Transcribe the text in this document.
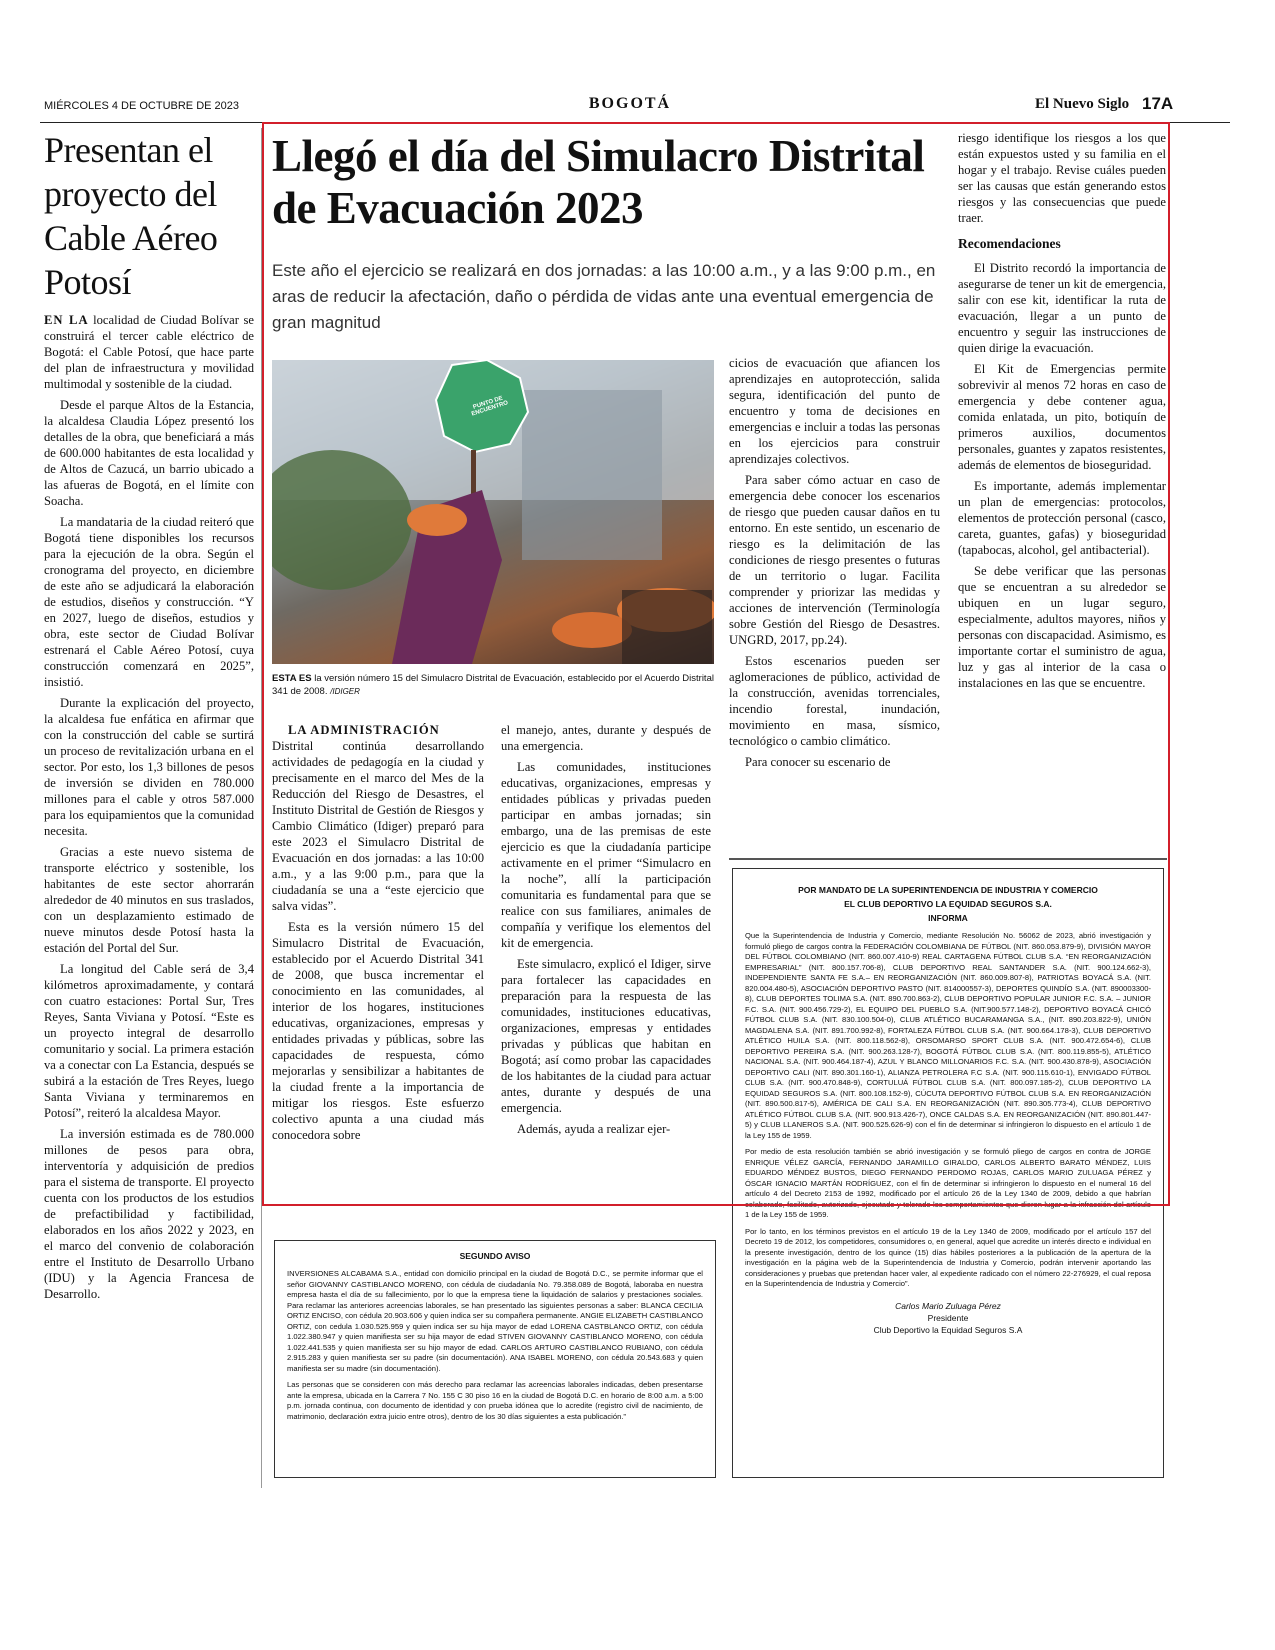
MIÉRCOLES 4 DE OCTUBRE DE 2023	BOGOTÁ	El Nuevo Siglo 17A
Presentan el proyecto del Cable Aéreo Potosí

EN LA localidad de Ciudad Bolívar se construirá el tercer cable eléctrico de Bogotá: el Cable Potosí, que hace parte del plan de infraestructura y movilidad multimodal y sostenible de la ciudad.

Desde el parque Altos de la Estancia, la alcaldesa Claudia López presentó los detalles de la obra, que beneficiará a más de 600.000 habitantes de esta localidad y de Altos de Cazucá, un barrio ubicado a las afueras de Bogotá, en el límite con Soacha.

La mandataria de la ciudad reiteró que Bogotá tiene disponibles los recursos para la ejecución de la obra. Según el cronograma del proyecto, en diciembre de este año se adjudicará la elaboración de estudios, diseños y construcción. “Y en 2027, luego de diseños, estudios y obra, este sector de Ciudad Bolívar estrenará el Cable Aéreo Potosí, cuya construcción comenzará en 2025”, insistió.

Durante la explicación del proyecto, la alcaldesa fue enfática en afirmar que con la construcción del cable se surtirá un proceso de revitalización urbana en el sector. Por esto, los 1,3 billones de pesos de inversión se dividen en 780.000 millones para el cable y otros 587.000 para los equipamientos que la comunidad necesita.

Gracias a este nuevo sistema de transporte eléctrico y sostenible, los habitantes de este sector ahorrarán alrededor de 40 minutos en sus traslados, con un desplazamiento estimado de nueve minutos desde Potosí hasta la estación del Portal del Sur.

La longitud del Cable será de 3,4 kilómetros aproximadamente, y contará con cuatro estaciones: Portal Sur, Tres Reyes, Santa Viviana y Potosí. “Este es un proyecto integral de desarrollo comunitario y social. La primera estación va a conectar con La Estancia, después se subirá a la estación de Tres Reyes, luego Santa Viviana y terminaremos en Potosí”, reiteró la alcaldesa Mayor.

La inversión estimada es de 780.000 millones de pesos para obra, interventoría y adquisición de predios para el sistema de transporte. El proyecto cuenta con los productos de los estudios de prefactibilidad y factibilidad, elaborados en los años 2022 y 2023, en el marco del convenio de colaboración entre el Instituto de Desarrollo Urbano (IDU) y la Agencia Francesa de Desarrollo.

Llegó el día del Simulacro Distrital de Evacuación 2023
Este año el ejercicio se realizará en dos jornadas: a las 10:00 a.m., y a las 9:00 p.m., en aras de reducir la afectación, daño o pérdida de vidas ante una eventual emergencia de gran magnitud
PUNTO DE ENCUENTRO
ESTA ES la versión número 15 del Simulacro Distrital de Evacuación, establecido por el Acuerdo Distrital 341 de 2008. /IDIGER

LA ADMINISTRACIÓN
Distrital continúa desarrollando actividades de pedagogía en la ciudad y precisamente en el marco del Mes de la Reducción del Riesgo de Desastres, el Instituto Distrital de Gestión de Riesgos y Cambio Climático (Idiger) preparó para este 2023 el Simulacro Distrital de Evacuación en dos jornadas: a las 10:00 a.m., y a las 9:00 p.m., para que la ciudadanía se una a “este ejercicio que salva vidas”.

Esta es la versión número 15 del Simulacro Distrital de Evacuación, establecido por el Acuerdo Distrital 341 de 2008, que busca incrementar el conocimiento en las comunidades, al interior de los hogares, instituciones educativas, organizaciones, empresas y entidades privadas y públicas, sobre las capacidades de respuesta, cómo mejorarlas y sensibilizar a habitantes de la ciudad frente a la importancia de mitigar los riesgos. Este esfuerzo colectivo apunta a una ciudad más conocedora sobre

el manejo, antes, durante y después de una emergencia.

Las comunidades, instituciones educativas, organizaciones, empresas y entidades públicas y privadas pueden participar en ambas jornadas; sin embargo, una de las premisas de este ejercicio es que la ciudadanía participe activamente en el primer “Simulacro en la noche”, allí la participación comunitaria es fundamental para que se realice con sus familiares, animales de compañía y verifique los elementos del kit de emergencia.

Este simulacro, explicó el Idiger, sirve para fortalecer las capacidades en preparación para la respuesta de las comunidades, instituciones educativas, organizaciones, empresas y entidades privadas y públicas que habitan en Bogotá; así como probar las capacidades de los habitantes de la ciudad para actuar antes, durante y después de una emergencia.

Además, ayuda a realizar ejer-

cicios de evacuación que afiancen los aprendizajes en autoprotección, salida segura, identificación del punto de encuentro y toma de decisiones en emergencias e incluir a todas las personas en los ejercicios para construir aprendizajes colectivos.

Para saber cómo actuar en caso de emergencia debe conocer los escenarios de riesgo que pueden causar daños en tu entorno. En este sentido, un escenario de riesgo es la delimitación de las condiciones de riesgo presentes o futuras de un territorio o lugar. Facilita comprender y priorizar las medidas y acciones de intervención (Terminología sobre Gestión del Riesgo de Desastres. UNGRD, 2017, pp.24).

Estos escenarios pueden ser aglomeraciones de público, actividad de la construcción, avenidas torrenciales, incendio forestal, inundación, movimiento en masa, sísmico, tecnológico o cambio climático.

Para conocer su escenario de

riesgo identifique los riesgos a los que están expuestos usted y su familia en el hogar y el trabajo. Revise cuáles pueden ser las causas que están generando estos riesgos y las consecuencias que puede traer.

Recomendaciones

El Distrito recordó la importancia de asegurarse de tener un kit de emergencia, salir con ese kit, identificar la ruta de evacuación, llegar a un punto de encuentro y seguir las instrucciones de quien dirige la evacuación.

El Kit de Emergencias permite sobrevivir al menos 72 horas en caso de emergencia y debe contener agua, comida enlatada, un pito, botiquín de primeros auxilios, documentos personales, guantes y zapatos resistentes, además de elementos de bioseguridad.

Es importante, además implementar un plan de emergencias: protocolos, elementos de protección personal (casco, careta, guantes, gafas) y bioseguridad (tapabocas, alcohol, gel antibacterial).

Se debe verificar que las personas que se encuentran a su alrededor se ubiquen en un lugar seguro, especialmente, adultos mayores, niños y personas con discapacidad. Asimismo, es importante cortar el suministro de agua, luz y gas al interior de la casa o instalaciones en las que se encuentre.

SEGUNDO AVISO

INVERSIONES ALCABAMA S.A., entidad con domicilio principal en la ciudad de Bogotá D.C., se permite informar que el señor GIOVANNY CASTIBLANCO MORENO, con cédula de ciudadanía No. 79.358.089 de Bogotá, laboraba en nuestra empresa hasta el día de su fallecimiento, por lo que la empresa tiene la liquidación de salarios y prestaciones sociales. Para reclamar las anteriores acreencias laborales, se han presentado las siguientes personas a saber: BLANCA CECILIA ORTIZ ENCISO, con cédula 20.903.606 y quien indica ser su compañera permanente. ANGIE ELIZABETH CASTIBLANCO ORTIZ, con cedula 1.030.525.959 y quien indica ser su hija mayor de edad LORENA CASTBLANCO ORTIZ, con cédula 1.022.380.947 y quien manifiesta ser su hija mayor de edad STIVEN GIOVANNY CASTIBLANCO MORENO, con cédula 1.022.441.535 y quien manifiesta ser su hijo mayor de edad. CARLOS ARTURO CASTIBLANCO RUBIANO, con cédula 2.915.283 y quien manifiesta ser su padre (sin documentación). ANA ISABEL MORENO, con cédula 20.543.683 y quien manifiesta ser su madre (sin documentación).

Las personas que se consideren con más derecho para reclamar las acreencias laborales indicadas, deben presentarse ante la empresa, ubicada en la Carrera 7 No. 155 C 30 piso 16 en la ciudad de Bogotá D.C. en horario de 8:00 a.m. a 5:00 p.m. jornada continua, con documento de identidad y con prueba idónea que lo acredite (registro civil de nacimiento, de matrimonio, declaración extra juicio entre otros), dentro de los 30 días siguientes a esta publicación.”

POR MANDATO DE LA SUPERINTENDENCIA DE INDUSTRIA Y COMERCIO
EL CLUB DEPORTIVO LA EQUIDAD SEGUROS S.A.
INFORMA

Que la Superintendencia de Industria y Comercio, mediante Resolución No. 56062 de 2023, abrió investigación y formuló pliego de cargos contra la FEDERACIÓN COLOMBIANA DE FÚTBOL (NIT. 860.053.879-9), DIVISIÓN MAYOR DEL FÚTBOL COLOMBIANO (NIT. 860.007.410-9) REAL CARTAGENA FÚTBOL CLUB S.A. “EN REORGANIZACIÓN EMPRESARIAL” (NIT. 800.157.706-8), CLUB DEPORTIVO REAL SANTANDER S.A. (NIT. 900.124.662-3), INDEPENDIENTE SANTA FE S.A.– EN REORGANIZACIÓN (NIT. 860.009.807-8), PATRIOTAS BOYACÁ S.A. (NIT. 820.004.480-5), ASOCIACIÓN DEPORTIVO PASTO (NIT. 814000557-3), DEPORTES QUINDÍO S.A. (NIT. 890003300-8), CLUB DEPORTES TOLIMA S.A. (NIT. 890.700.863-2), CLUB DEPORTIVO POPULAR JUNIOR F.C. S.A. – JUNIOR F.C. S.A. (NIT. 900.456.729-2), EL EQUIPO DEL PUEBLO S.A. (NIT.900.577.148-2), DEPORTIVO BOYACÁ CHICÓ FÚTBOL CLUB S.A. (NIT. 830.100.504-0), CLUB ATLÉTICO BUCARAMANGA S.A., (NIT. 890.203.822-9), UNIÓN MAGDALENA S.A. (NIT. 891.700.992-8), FORTALEZA FÚTBOL CLUB S.A. (NIT. 900.664.178-3), CLUB DEPORTIVO ATLÉTICO HUILA S.A. (NIT. 800.118.562-8), ORSOMARSO SPORT CLUB S.A. (NIT. 900.472.654-6), CLUB DEPORTIVO PEREIRA S.A. (NIT. 900.263.128-7), BOGOTÁ FÚTBOL CLUB S.A. (NIT. 800.119.855-5), ATLÉTICO NACIONAL S.A. (NIT. 900.464.187-4), AZUL Y BLANCO MILLONARIOS F.C. S.A. (NIT. 900.430.878-9), ASOCIACIÓN DEPORTIVO CALI (NIT. 890.301.160-1), ALIANZA PETROLERA F.C S.A. (NIT. 900.115.610-1), ENVIGADO FÚTBOL CLUB S.A. (NIT. 900.470.848-9), CORTULUÁ FÚTBOL CLUB S.A. (NIT. 800.097.185-2), CLUB DEPORTIVO LA EQUIDAD SEGUROS S.A. (NIT. 800.108.152-9), CÚCUTA DEPORTIVO FÚTBOL CLUB S.A. EN REORGANIZACIÓN (NIT. 890.500.817-5), AMÉRICA DE CALI S.A. EN REORGANIZACIÓN (NIT. 890.305.773-4), CLUB DEPORTIVO ATLÉTICO FÚTBOL CLUB S.A. (NIT. 900.913.426-7), ONCE CALDAS S.A. EN REORGANIZACIÓN (NIT. 890.801.447-5) y CLUB LLANEROS S.A. (NIT. 900.525.626-9) con el fin de determinar si infringieron lo dispuesto en el artículo 1 de la Ley 155 de 1959.

Por medio de esta resolución también se abrió investigación y se formuló pliego de cargos en contra de JORGE ENRIQUE VÉLEZ GARCÍA, FERNANDO JARAMILLO GIRALDO, CARLOS ALBERTO BARATO MÉNDEZ, LUIS EDUARDO MÉNDEZ BUSTOS, DIEGO FERNANDO PERDOMO ROJAS, CARLOS MARIO ZULUAGA PÉREZ y ÓSCAR IGNACIO MARTÁN RODRÍGUEZ, con el fin de determinar si infringieron lo dispuesto en el numeral 16 del artículo 4 del Decreto 2153 de 1992, modificado por el artículo 26 de la Ley 1340 de 2009, debido a que habrían colaborado, facilitado, autorizado, ejecutado y tolerado los comportamientos que dieron lugar a la infracción del artículo 1 de la Ley 155 de 1959.

Por lo tanto, en los términos previstos en el artículo 19 de la Ley 1340 de 2009, modificado por el artículo 157 del Decreto 19 de 2012, los competidores, consumidores o, en general, aquel que acredite un interés directo e individual en la presente investigación, dentro de los quince (15) días hábiles posteriores a la publicación de la apertura de la investigación en la página web de la Superintendencia de Industria y Comercio, podrán intervenir aportando las consideraciones y pruebas que pretendan hacer valer, al expediente radicado con el número 22-276929, el cual reposa en la Superintendencia de Industria y Comercio”.

Carlos Mario Zuluaga Pérez
Presidente
Club Deportivo la Equidad Seguros S.A
